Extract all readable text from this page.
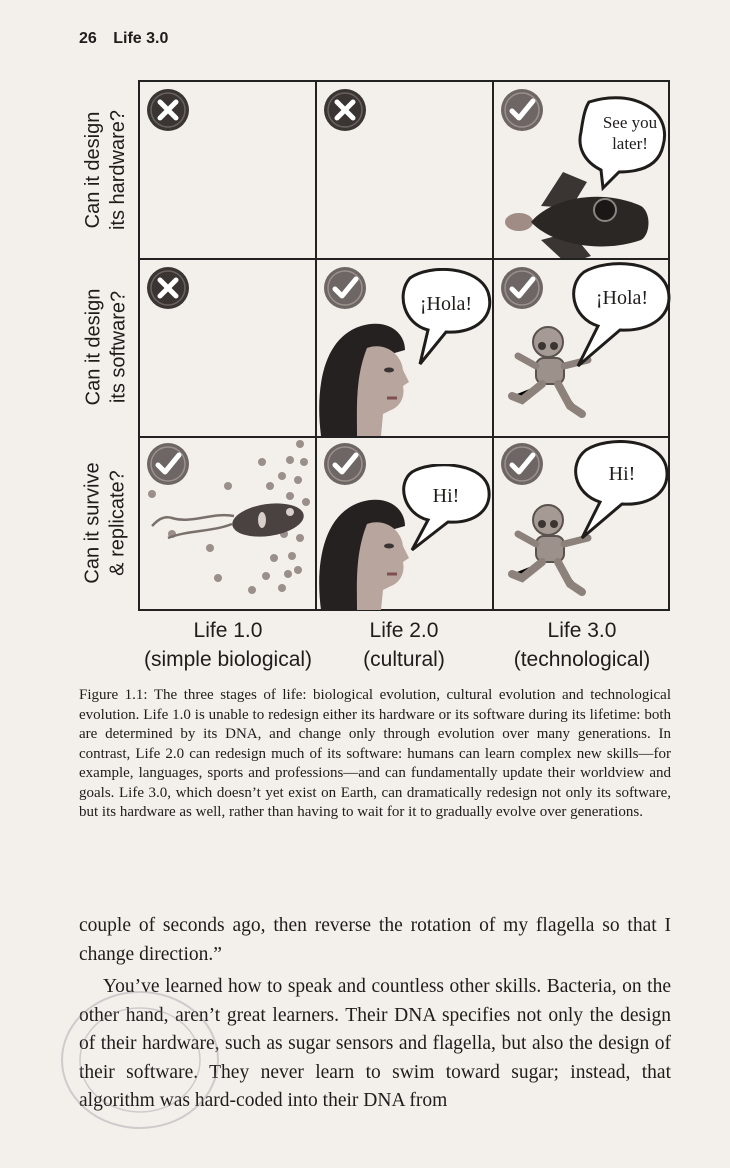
26 Life 3.0
Can it design its hardware?
Can it design its software?
Can it survive & replicate?
See you
later!
¡Hola!	¡Hola!
Hi!
Hi!
Life 1.0
(simple biological)
Life 2.0
(cultural)
Life 3.0
(technological)
Figure 1.1: The three stages of life: biological evolution, cultural evolution and technological evolution. Life 1.0 is unable to redesign either its hardware or its software during its lifetime: both are determined by its DNA, and change only through evolution over many generations. In contrast, Life 2.0 can redesign much of its software: humans can learn complex new skills—for example, languages, sports and professions—and can fundamentally update their worldview and goals. Life 3.0, which doesn’t yet exist on Earth, can dramatically redesign not only its software, but its hardware as well, rather than having to wait for it to gradually evolve over generations.

couple of seconds ago, then reverse the rotation of my flagella so that I change direction.”

You’ve learned how to speak and countless other skills. Bacteria, on the other hand, aren’t great learners. Their DNA specifies not only the design of their hardware, such as sugar sensors and flagella, but also the design of their software. They never learn to swim toward sugar; instead, that algorithm was hard-coded into their DNA from
